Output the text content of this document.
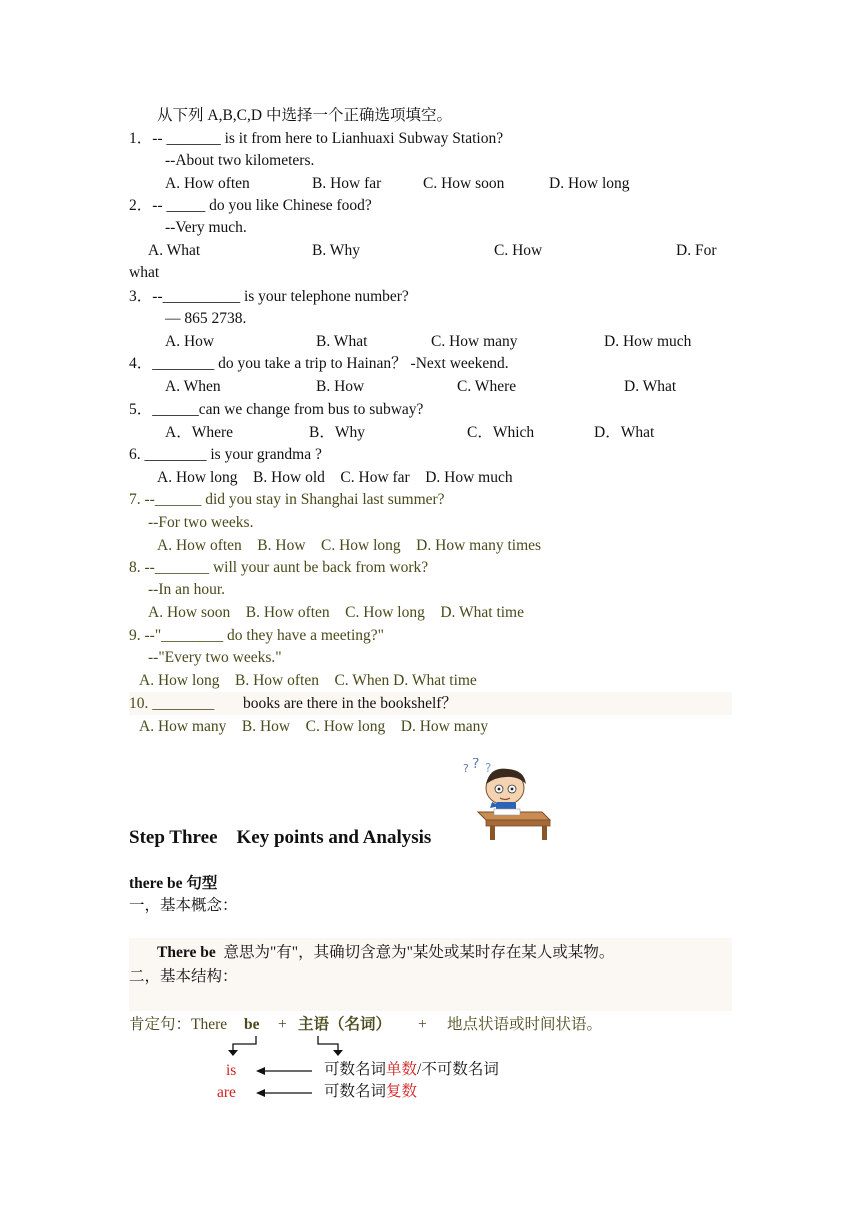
从下列 A,B,C,D 中选择一个正确选项填空。
1．-- _______ is it from here to Lianhuaxi Subway Station?
--About two kilometers.
A. How often	B. How far	C. How soon	D. How long
2．-- _____ do you like Chinese food?
--Very much.
A. What	B. Why	C. How	D. For
what
3．--__________ is your telephone number?
— 865 2738.
A. How	B. What	C. How many	D. How much
4．________ do you take a trip to Hainan？ -Next weekend.
A. When	B. How	C. Where	D. What
5．______can we change from bus to subway?
A．Where	B．Why	C．Which	D．What
6. ________ is your grandma ?
A. How long    B. How old    C. How far    D. How much
7. --______ did you stay in Shanghai last summer?
--For two weeks.
A. How often    B. How    C. How long    D. How many times
8. --_______ will your aunt be back from work?
--In an hour.
A. How soon    B. How often    C. How long    D. What time
9. --"________ do they have a meeting?"
--"Every two weeks."
A. How long    B. How often    C. When D. What time
10. ________ books are there in the bookshelf？
A. How many    B. How    C. How long    D. How many
? ? ?
Step Three    Key points and Analysis
there be 句型
一，基本概念：
There be 意思为"有"，其确切含意为"某处或某时存在某人或某物。
二，基本结构：
肯定句：There be + 主语（名词） + 地点状语或时间状语。
is	可数名词单数/不可数名词
are	可数名词复数
